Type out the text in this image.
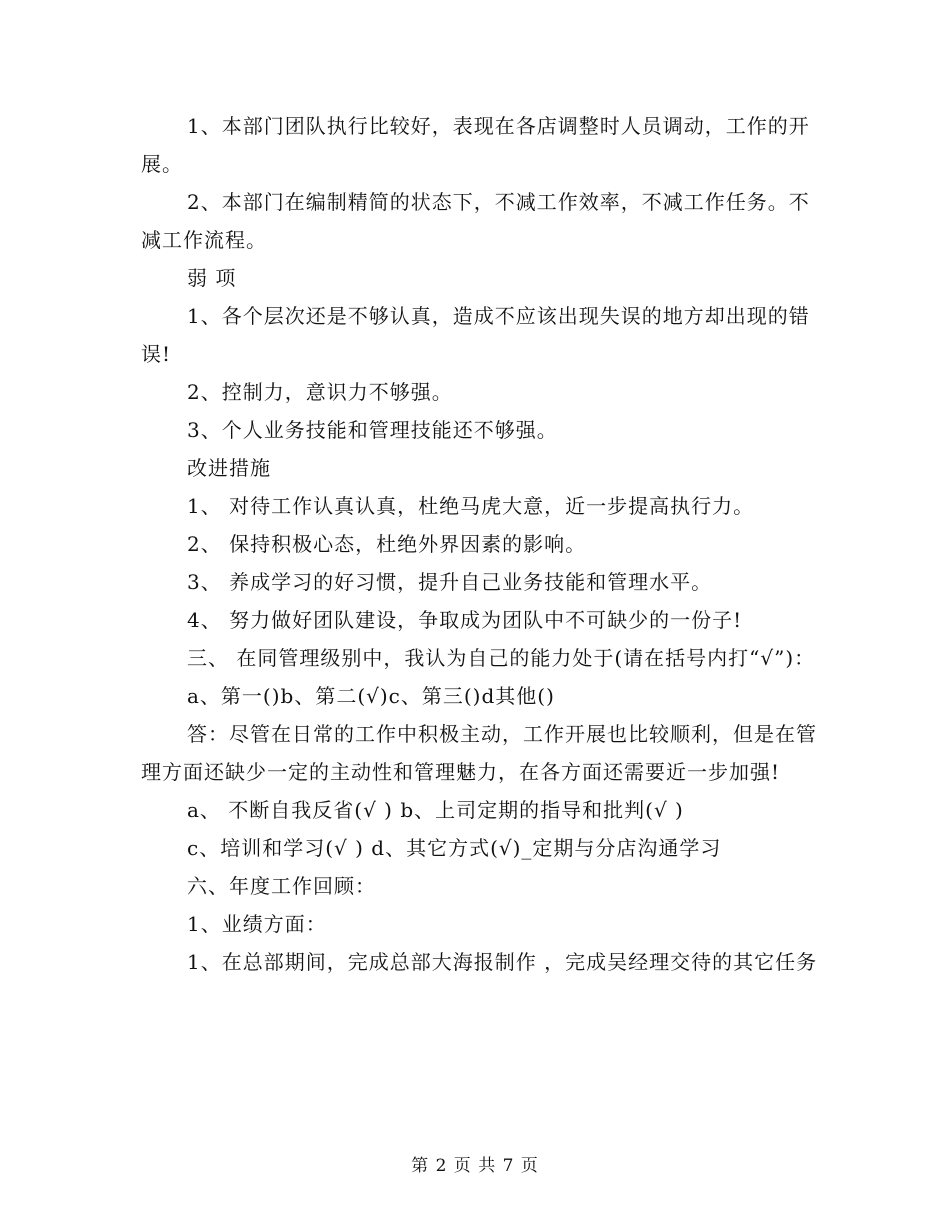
1、本部门团队执行比较好，表现在各店调整时人员调动，工作的开展。

2、本部门在编制精简的状态下，不减工作效率，不减工作任务。不减工作流程。

弱 项

1、各个层次还是不够认真，造成不应该出现失误的地方却出现的错误!

2、控制力，意识力不够强。

3、个人业务技能和管理技能还不够强。

改进措施

1、 对待工作认真认真，杜绝马虎大意，近一步提高执行力。

2、 保持积极心态，杜绝外界因素的影响。

3、 养成学习的好习惯，提升自己业务技能和管理水平。

4、 努力做好团队建设，争取成为团队中不可缺少的一份子!

三、 在同管理级别中，我认为自己的能力处于(请在括号内打“√”)：

a、第一()b、第二(√)c、第三()d其他()

答：尽管在日常的工作中积极主动，工作开展也比较顺利，但是在管理方面还缺少一定的主动性和管理魅力，在各方面还需要近一步加强!

a、 不断自我反省(√ ) b、上司定期的指导和批判(√ )

c、培训和学习(√ ) d、其它方式(√)_定期与分店沟通学习

六、年度工作回顾：

1、业绩方面：

1、在总部期间，完成总部大海报制作 ，完成吴经理交待的其它任务

第 2 页 共 7 页
